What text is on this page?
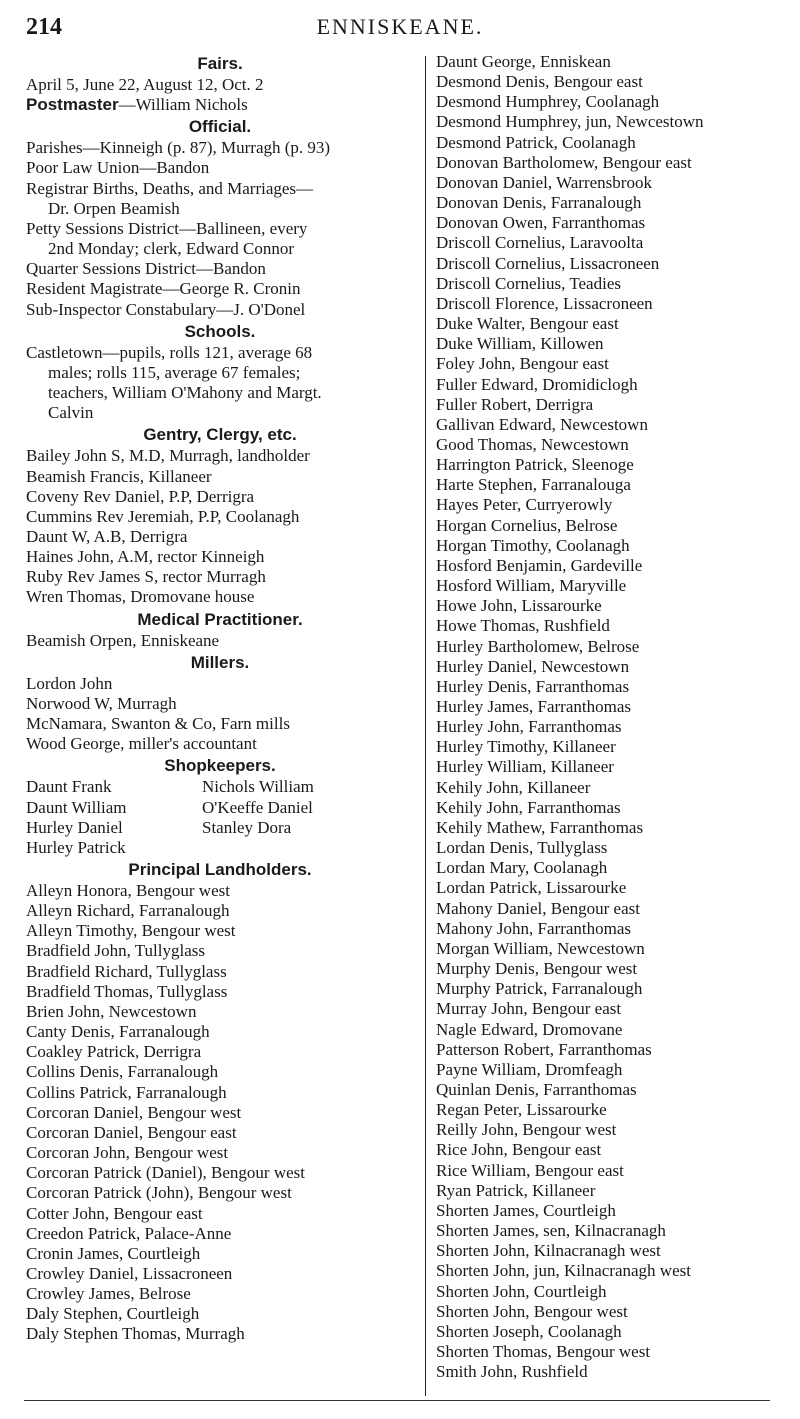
214	ENNISKEANE.
Fairs.
April 5, June 22, August 12, Oct. 2
Postmaster—William Nichols
Official.
Parishes—Kinneigh (p. 87), Murragh (p. 93)
Poor Law Union—Bandon
Registrar Births, Deaths, and Marriages—
Dr. Orpen Beamish
Petty Sessions District—Ballineen, every
2nd Monday; clerk, Edward Connor
Quarter Sessions District—Bandon
Resident Magistrate—George R. Cronin
Sub-Inspector Constabulary—J. O'Donel
Schools.
Castletown—pupils, rolls 121, average 68
males; rolls 115, average 67 females;
teachers, William O'Mahony and Margt.
Calvin
Gentry, Clergy, etc.
Bailey John S, M.D, Murragh, landholder
Beamish Francis, Killaneer
Coveny Rev Daniel, P.P, Derrigra
Cummins Rev Jeremiah, P.P, Coolanagh
Daunt W, A.B, Derrigra
Haines John, A.M, rector Kinneigh
Ruby Rev James S, rector Murragh
Wren Thomas, Dromovane house
Medical Practitioner.
Beamish Orpen, Enniskeane
Millers.
Lordon John
Norwood W, Murragh
McNamara, Swanton & Co, Farn mills
Wood George, miller's accountant
Shopkeepers.
Daunt Frank	Nichols William
Daunt William	O'Keeffe Daniel
Hurley Daniel	Stanley Dora
Hurley Patrick
Principal Landholders.
Alleyn Honora, Bengour west
Alleyn Richard, Farranalough
Alleyn Timothy, Bengour west
Bradfield John, Tullyglass
Bradfield Richard, Tullyglass
Bradfield Thomas, Tullyglass
Brien John, Newcestown
Canty Denis, Farranalough
Coakley Patrick, Derrigra
Collins Denis, Farranalough
Collins Patrick, Farranalough
Corcoran Daniel, Bengour west
Corcoran Daniel, Bengour east
Corcoran John, Bengour west
Corcoran Patrick (Daniel), Bengour west
Corcoran Patrick (John), Bengour west
Cotter John, Bengour east
Creedon Patrick, Palace-Anne
Cronin James, Courtleigh
Crowley Daniel, Lissacroneen
Crowley James, Belrose
Daly Stephen, Courtleigh
Daly Stephen Thomas, Murragh
Daunt George, Enniskean
Desmond Denis, Bengour east
Desmond Humphrey, Coolanagh
Desmond Humphrey, jun, Newcestown
Desmond Patrick, Coolanagh
Donovan Bartholomew, Bengour east
Donovan Daniel, Warrensbrook
Donovan Denis, Farranalough
Donovan Owen, Farranthomas
Driscoll Cornelius, Laravoolta
Driscoll Cornelius, Lissacroneen
Driscoll Cornelius, Teadies
Driscoll Florence, Lissacroneen
Duke Walter, Bengour east
Duke William, Killowen
Foley John, Bengour east
Fuller Edward, Dromidiclogh
Fuller Robert, Derrigra
Gallivan Edward, Newcestown
Good Thomas, Newcestown
Harrington Patrick, Sleenoge
Harte Stephen, Farranalouga
Hayes Peter, Curryerowly
Horgan Cornelius, Belrose
Horgan Timothy, Coolanagh
Hosford Benjamin, Gardeville
Hosford William, Maryville
Howe John, Lissarourke
Howe Thomas, Rushfield
Hurley Bartholomew, Belrose
Hurley Daniel, Newcestown
Hurley Denis, Farranthomas
Hurley James, Farranthomas
Hurley John, Farranthomas
Hurley Timothy, Killaneer
Hurley William, Killaneer
Kehily John, Killaneer
Kehily John, Farranthomas
Kehily Mathew, Farranthomas
Lordan Denis, Tullyglass
Lordan Mary, Coolanagh
Lordan Patrick, Lissarourke
Mahony Daniel, Bengour east
Mahony John, Farranthomas
Morgan William, Newcestown
Murphy Denis, Bengour west
Murphy Patrick, Farranalough
Murray John, Bengour east
Nagle Edward, Dromovane
Patterson Robert, Farranthomas
Payne William, Dromfeagh
Quinlan Denis, Farranthomas
Regan Peter, Lissarourke
Reilly John, Bengour west
Rice John, Bengour east
Rice William, Bengour east
Ryan Patrick, Killaneer
Shorten James, Courtleigh
Shorten James, sen, Kilnacranagh
Shorten John, Kilnacranagh west
Shorten John, jun, Kilnacranagh west
Shorten John, Courtleigh
Shorten John, Bengour west
Shorten Joseph, Coolanagh
Shorten Thomas, Bengour west
Smith John, Rushfield
